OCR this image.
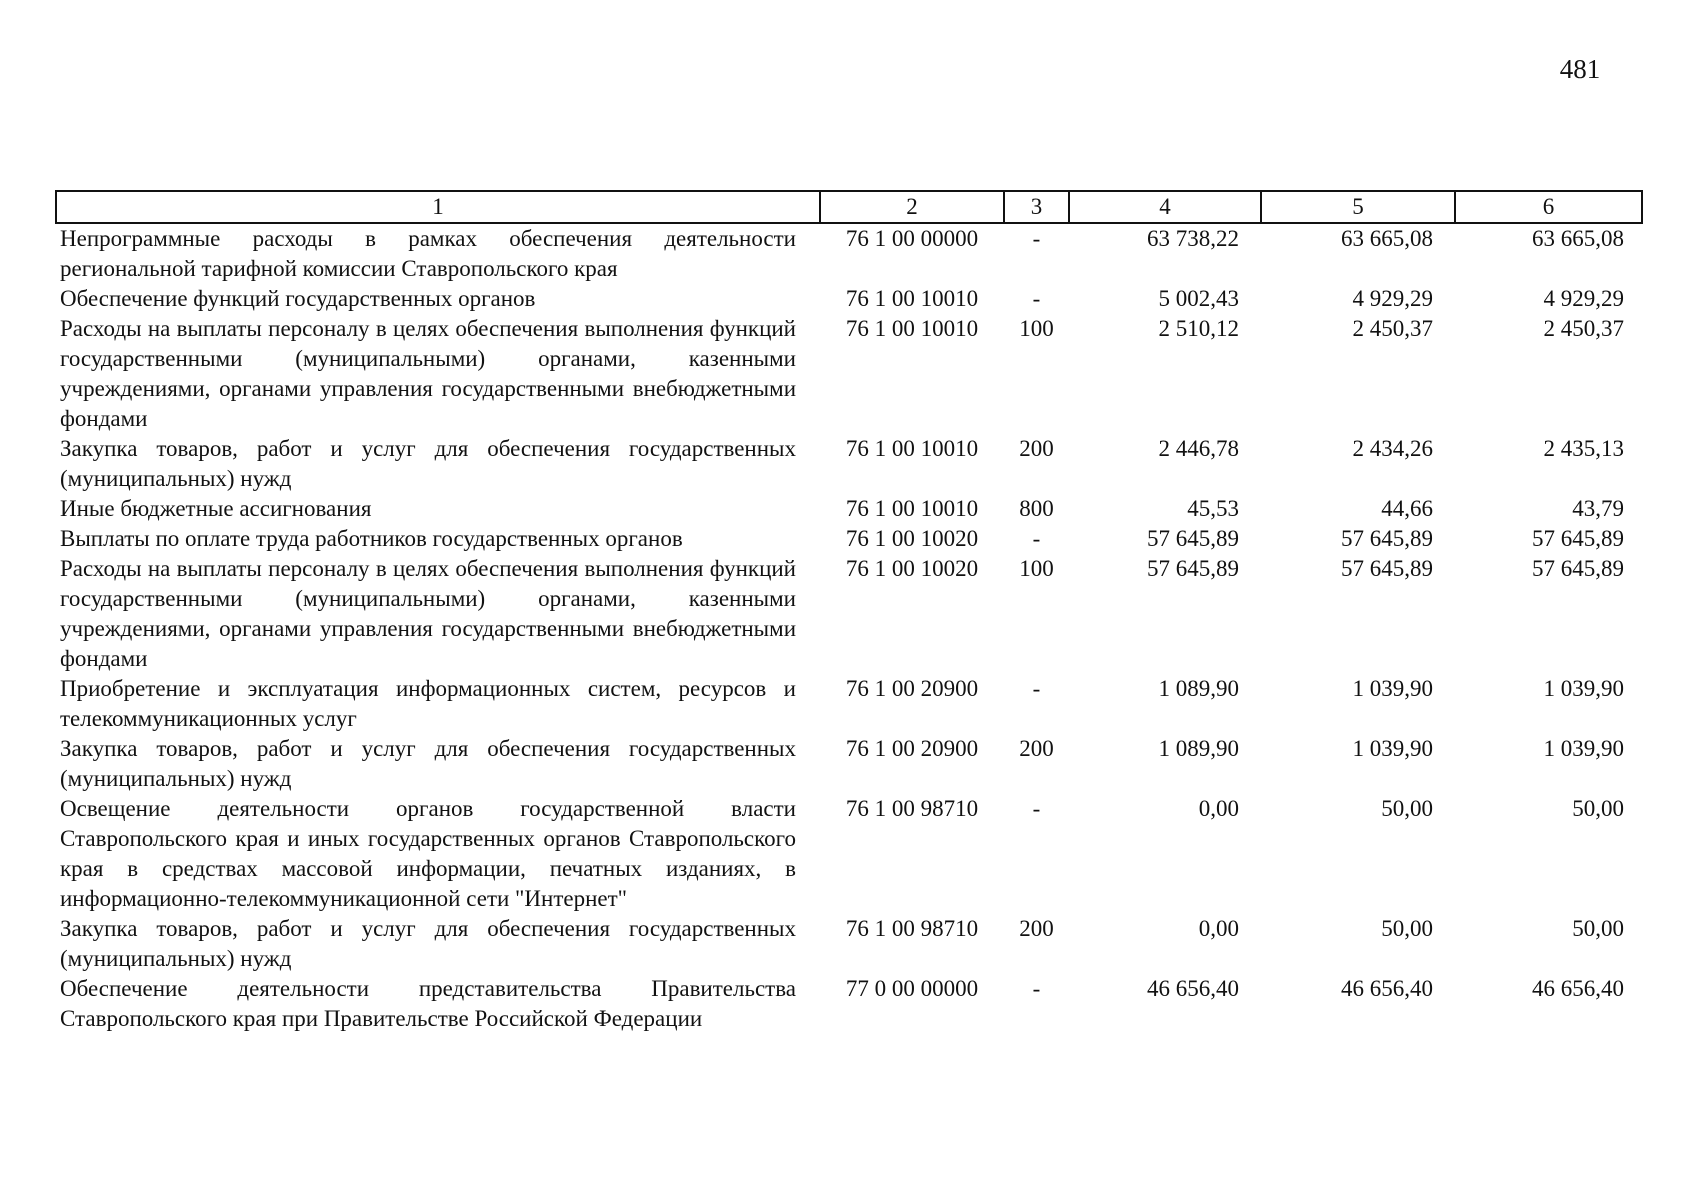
481
1	2	3	4	5	6
Непрограммные расходы в рамках обеспечения деятельности региональной тарифной комиссии Ставропольского края	76 1 00 00000	-	63 738,22	63 665,08	63 665,08
Обеспечение функций государственных органов	76 1 00 10010	-	5 002,43	4 929,29	4 929,29
Расходы на выплаты персоналу в целях обеспечения выполнения функций государственными (муниципальными) органами, казенными учреждениями, органами управления государственными внебюджетными фондами	76 1 00 10010	100	2 510,12	2 450,37	2 450,37
Закупка товаров, работ и услуг для обеспечения государственных (муниципальных) нужд	76 1 00 10010	200	2 446,78	2 434,26	2 435,13
Иные бюджетные ассигнования	76 1 00 10010	800	45,53	44,66	43,79
Выплаты по оплате труда работников государственных органов	76 1 00 10020	-	57 645,89	57 645,89	57 645,89
Расходы на выплаты персоналу в целях обеспечения выполнения функций государственными (муниципальными) органами, казенными учреждениями, органами управления государственными внебюджетными фондами	76 1 00 10020	100	57 645,89	57 645,89	57 645,89
Приобретение и эксплуатация информационных систем, ресурсов и телекоммуникационных услуг	76 1 00 20900	-	1 089,90	1 039,90	1 039,90
Закупка товаров, работ и услуг для обеспечения государственных (муниципальных) нужд	76 1 00 20900	200	1 089,90	1 039,90	1 039,90
Освещение деятельности органов государственной власти Ставропольского края и иных государственных органов Ставропольского края в средствах массовой информации, печатных изданиях, в информационно-телекоммуникационной сети "Интернет"	76 1 00 98710	-	0,00	50,00	50,00
Закупка товаров, работ и услуг для обеспечения государственных (муниципальных) нужд	76 1 00 98710	200	0,00	50,00	50,00
Обеспечение деятельности представительства Правительства Ставропольского края при Правительстве Российской Федерации	77 0 00 00000	-	46 656,40	46 656,40	46 656,40
